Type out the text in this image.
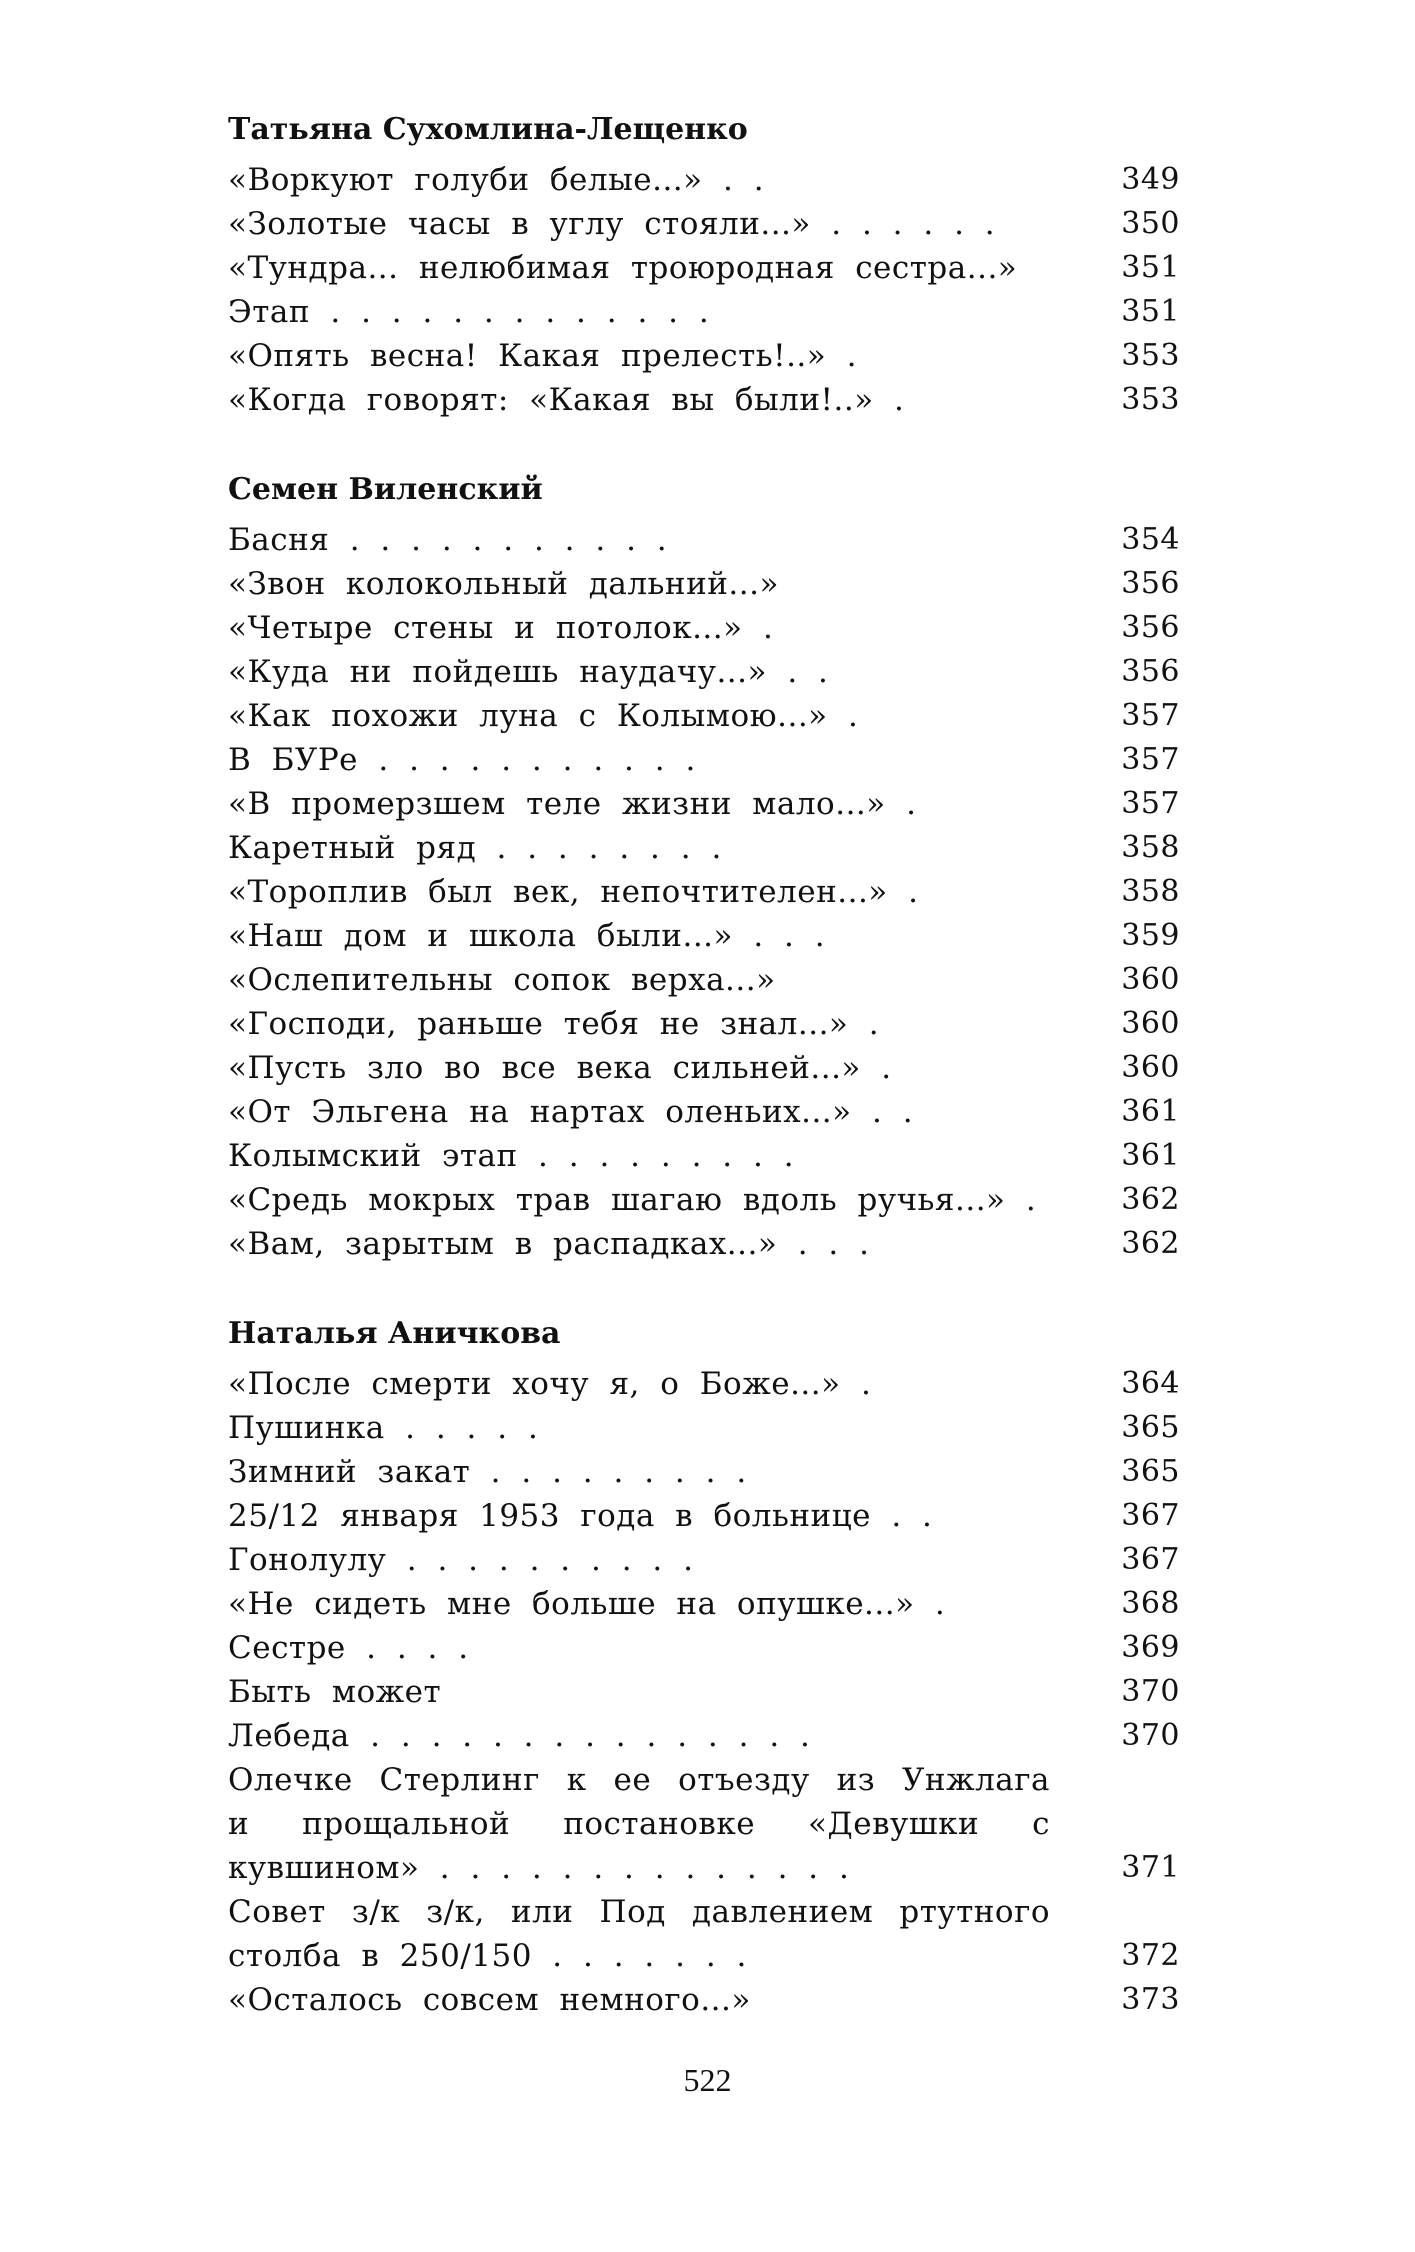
Татьяна Сухомлина-Лещенко
«Воркуют голуби белые...» . .	349
«Золотые часы в углу стояли...» . . . . . .	350
«Тундра... нелюбимая троюродная сестра...»	351
Этап . . . . . . . . . . . . .	351
«Опять весна! Какая прелесть!..» .	353
«Когда говорят: «Какая вы были!..» .	353
Семен Виленский
Басня . . . . . . . . . . .	354
«Звон колокольный дальний...»	356
«Четыре стены и потолок...» .	356
«Куда ни пойдешь наудачу...» . .	356
«Как похожи луна с Колымою...» .	357
В БУРе . . . . . . . . . . .	357
«В промерзшем теле жизни мало...» .	357
Каретный ряд . . . . . . . .	358
«Тороплив был век, непочтителен...» .	358
«Наш дом и школа были...» . . .	359
«Ослепительны сопок верха...»	360
«Господи, раньше тебя не знал...» .	360
«Пусть зло во все века сильней...» .	360
«От Эльгена на нартах оленьих...» . .	361
Колымский этап . . . . . . . . .	361
«Средь мокрых трав шагаю вдоль ручья...» .	362
«Вам, зарытым в распадках...» . . .	362
Наталья Аничкова
«После смерти хочу я, о Боже...» .	364
Пушинка . . . . .	365
Зимний закат . . . . . . . . .	365
25/12 января 1953 года в больнице . .	367
Гонолулу . . . . . . . . . .	367
«Не сидеть мне больше на опушке...» .	368
Сестре . . . .	369
Быть может	370
Лебеда . . . . . . . . . . . . . . .	370
Олечке Стерлинг к ее отъезду из Унжлага и прощальной постановке «Девушки с кувшином» . . . . . . . . . . . . . .	371
Совет з/к з/к, или Под давлением ртутного столба в 250/150 . . . . . . .	372
«Осталось совсем немного...»	373
522
